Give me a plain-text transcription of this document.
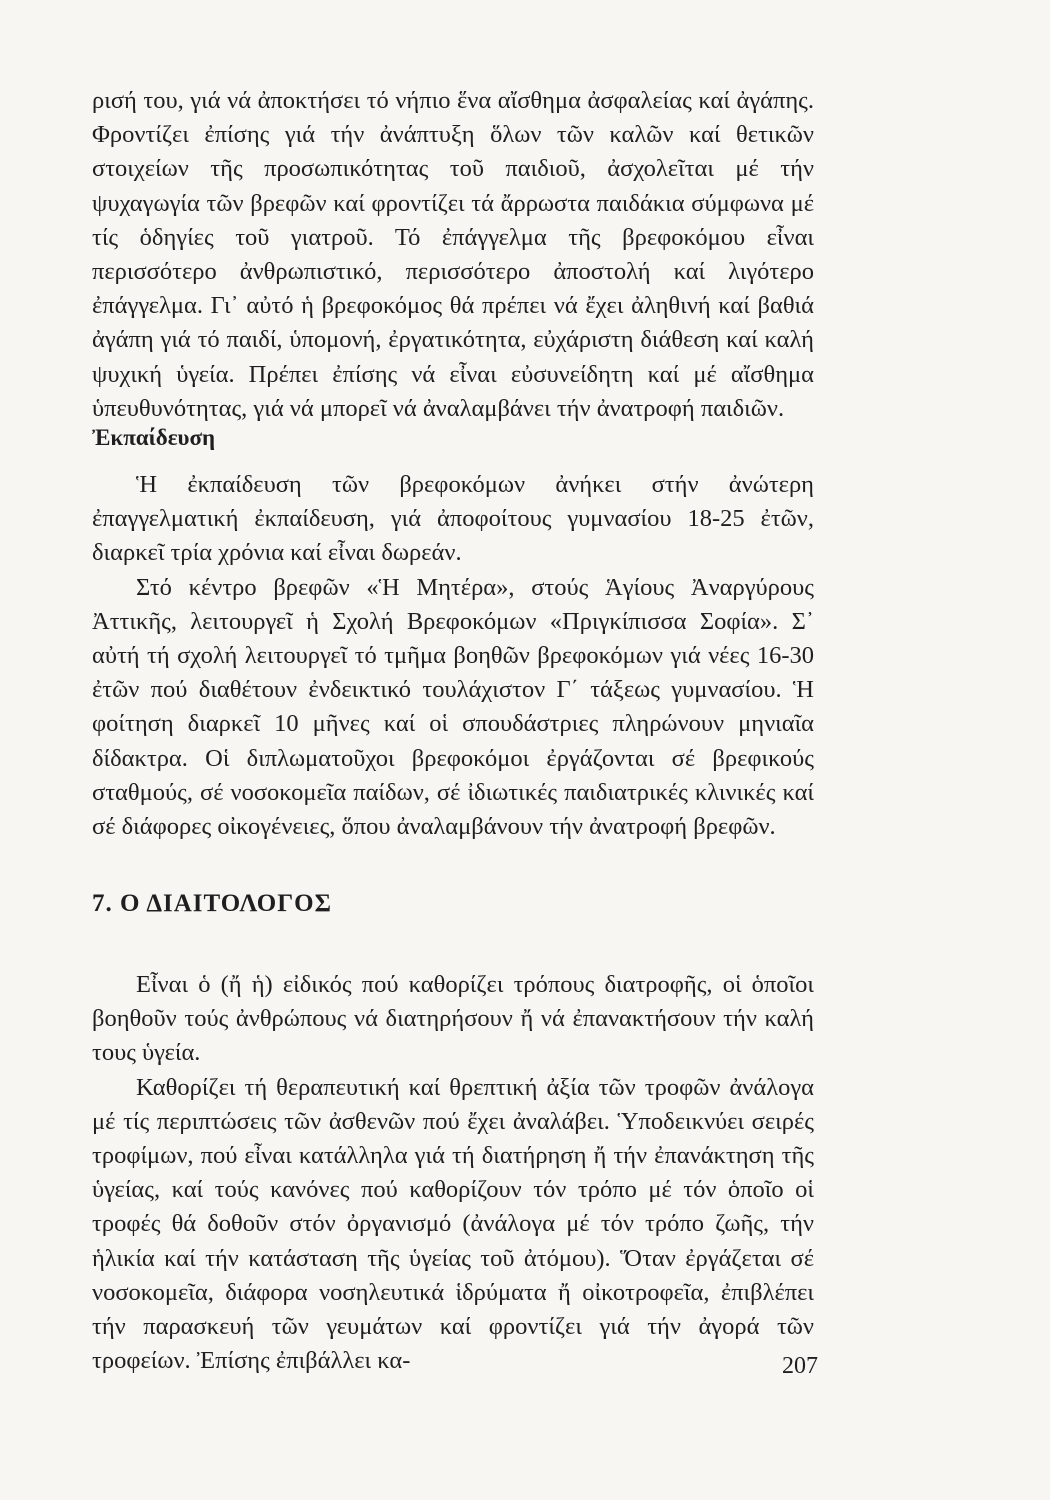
ρισή του, γιά νά ἀποκτήσει τό νήπιο ἕνα αἴσθημα ἀσφαλείας καί ἀγάπης. Φροντίζει ἐπίσης γιά τήν ἀνάπτυξη ὅλων τῶν καλῶν καί θετικῶν στοιχείων τῆς προσωπικότητας τοῦ παιδιοῦ, ἀσχολεῖται μέ τήν ψυχαγωγία τῶν βρεφῶν καί φροντίζει τά ἄρρωστα παιδάκια σύμφωνα μέ τίς ὁδηγίες τοῦ γιατροῦ. Τό ἐπάγγελμα τῆς βρεφοκόμου εἶναι περισσότερο ἀνθρωπιστικό, περισσότερο ἀποστολή καί λιγότερο ἐπάγγελμα. Γι᾽ αὐτό ἡ βρεφοκόμος θά πρέπει νά ἔχει ἀληθινή καί βαθιά ἀγάπη γιά τό παιδί, ὑπομονή, ἐργατικότητα, εὐχάριστη διάθεση καί καλή ψυχική ὑγεία. Πρέπει ἐπίσης νά εἶναι εὐσυνείδητη καί μέ αἴσθημα ὑπευθυνότητας, γιά νά μπορεῖ νά ἀναλαμβάνει τήν ἀνατροφή παιδιῶν.

Ἐκπαίδευση

Ἡ ἐκπαίδευση τῶν βρεφοκόμων ἀνήκει στήν ἀνώτερη ἐπαγγελματική ἐκπαίδευση, γιά ἀποφοίτους γυμνασίου 18-25 ἐτῶν, διαρκεῖ τρία χρόνια καί εἶναι δωρεάν.

Στό κέντρο βρεφῶν «Ἡ Μητέρα», στούς Ἁγίους Ἀναργύρους Ἀττικῆς, λειτουργεῖ ἡ Σχολή Βρεφοκόμων «Πριγκίπισσα Σοφία». Σ᾽ αὐτή τή σχολή λειτουργεῖ τό τμῆμα βοηθῶν βρεφοκόμων γιά νέες 16-30 ἐτῶν πού διαθέτουν ἐνδεικτικό τουλάχιστον Γ΄ τάξεως γυμνασίου. Ἡ φοίτηση διαρκεῖ 10 μῆνες καί οἱ σπουδάστριες πληρώνουν μηνιαῖα δίδακτρα. Οἱ διπλωματοῦχοι βρεφοκόμοι ἐργάζονται σέ βρεφικούς σταθμούς, σέ νοσοκομεῖα παίδων, σέ ἰδιωτικές παιδιατρικές κλινικές καί σέ διάφορες οἰκογένειες, ὅπου ἀναλαμβάνουν τήν ἀνατροφή βρεφῶν.

7. Ο ΔΙΑΙΤΟΛΟΓΟΣ

Εἶναι ὁ (ἤ ἡ) εἰδικός πού καθορίζει τρόπους διατροφῆς, οἱ ὁποῖοι βοηθοῦν τούς ἀνθρώπους νά διατηρήσουν ἤ νά ἐπανακτήσουν τήν καλή τους ὑγεία.

Καθορίζει τή θεραπευτική καί θρεπτική ἀξία τῶν τροφῶν ἀνάλογα μέ τίς περιπτώσεις τῶν ἀσθενῶν πού ἔχει ἀναλάβει. Ὑποδεικνύει σειρές τροφίμων, πού εἶναι κατάλληλα γιά τή διατήρηση ἤ τήν ἐπανάκτηση τῆς ὑγείας, καί τούς κανόνες πού καθορίζουν τόν τρόπο μέ τόν ὁποῖο οἱ τροφές θά δοθοῦν στόν ὀργανισμό (ἀνάλογα μέ τόν τρόπο ζωῆς, τήν ἡλικία καί τήν κατάσταση τῆς ὑγείας τοῦ ἀτόμου). Ὅταν ἐργάζεται σέ νοσοκομεῖα, διάφορα νοσηλευτικά ἱδρύματα ἤ οἰκοτροφεῖα, ἐπιβλέπει τήν παρασκευή τῶν γευμάτων καί φροντίζει γιά τήν ἀγορά τῶν τροφείων. Ἐπίσης ἐπιβάλλει κα-	207
